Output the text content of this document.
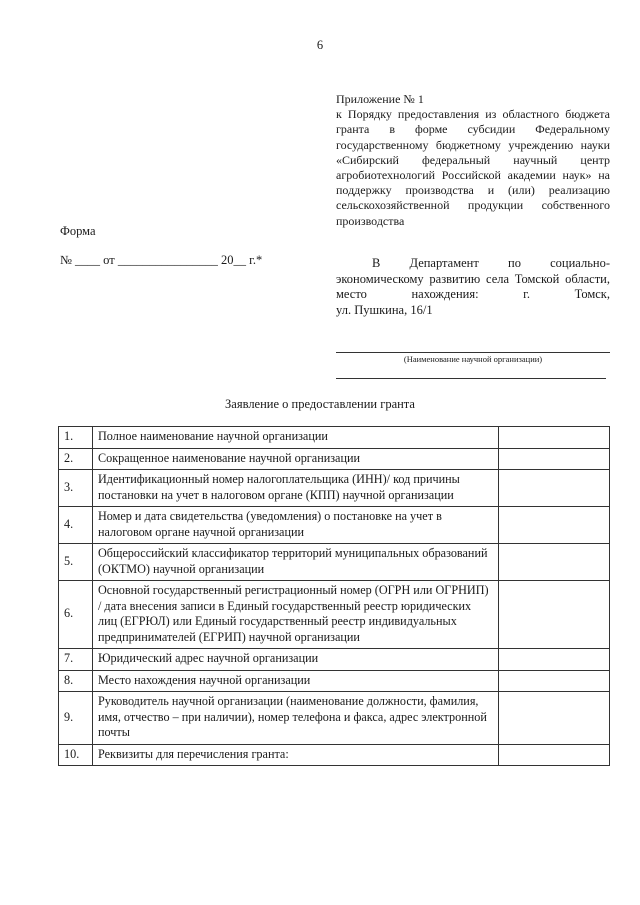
6

Приложение № 1

к Порядку предоставления из областного бюджета гранта в форме субсидии Федеральному государственному бюджетному учреждению науки «Сибирский федеральный научный центр агробиотехнологий Российской академии наук» на поддержку производства и (или) реализацию сельскохозяйственной продукции собственного

производства

Форма
№ ____ от ________________ 20__ г.*	В Департамент по социально-экономическому развитию села Томской области, место нахождения: г. Томск,

ул. Пушкина, 16/1

(Наименование научной организации)
Заявление о предоставлении гранта
1.	Полное наименование научной организации	
2.	Сокращенное наименование научной организации	
3.	Идентификационный номер налогоплательщика (ИНН)/ код причины постановки на учет в налоговом органе (КПП) научной организации	
4.	Номер и дата свидетельства (уведомления) о постановке на учет в налоговом органе научной организации	
5.	Общероссийский классификатор территорий муниципальных образований (ОКТМО) научной организации	
6.	Основной государственный регистрационный номер (ОГРН или ОГРНИП) / дата внесения записи в Единый государственный реестр юридических лиц (ЕГРЮЛ) или Единый государственный реестр индивидуальных предпринимателей (ЕГРИП) научной организации	
7.	Юридический адрес научной организации	
8.	Место нахождения научной организации	
9.	Руководитель научной организации (наименование должности, фамилия, имя, отчество – при наличии), номер телефона и факса, адрес электронной почты	
10.	Реквизиты для перечисления гранта:	
